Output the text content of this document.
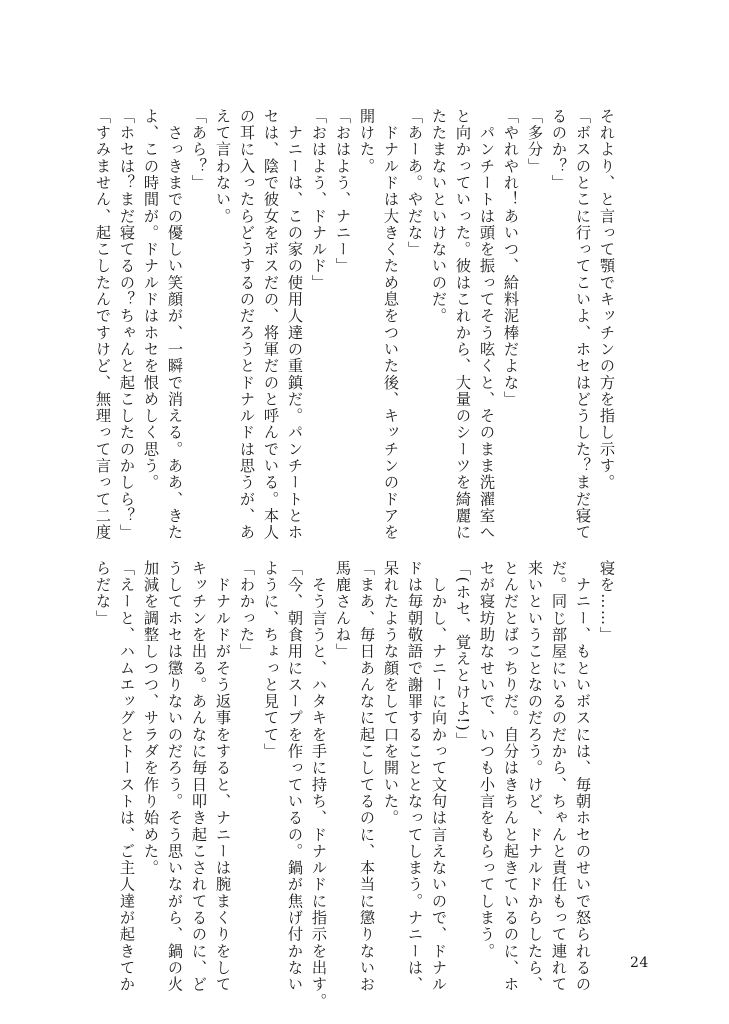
それより、と言って顎でキッチンの方を指し示す。
「ボスのとこに行ってこいよ、ホセはどうした？まだ寝て
るのか？」
「多分」
「やれやれ！あいつ、給料泥棒だよな」
　パンチートは頭を振ってそう呟くと、そのまま洗濯室へ
と向かっていった。彼はこれから、大量のシーツを綺麗に
たたまないといけないのだ。
「あーあ。やだな」
　ドナルドは大きくため息をついた後、キッチンのドアを
開けた。
「おはよう、ナニー」
「おはよう、ドナルド」
　ナニーは、この家の使用人達の重鎮だ。パンチートとホ
セは、陰で彼女をボスだの、将軍だのと呼んでいる。本人
の耳に入ったらどうするのだろうとドナルドは思うが、あ
えて言わない。
「あら？」
　さっきまでの優しい笑顔が、一瞬で消える。ああ、きた
よ、この時間が。ドナルドはホセを恨めしく思う。
「ホセは？まだ寝てるの？ちゃんと起こしたのかしら？」
「すみません、起こしたんですけど、無理って言って二度
寝を……」
　ナニー、もといボスには、毎朝ホセのせいで怒られるの
だ。同じ部屋にいるのだから、ちゃんと責任もって連れて
来いということなのだろう。けど、ドナルドからしたら、
とんだとばっちりだ。自分はきちんと起きているのに、ホ
セが寝坊助なせいで、いつも小言をもらってしまう。
「(ホセ、覚えとけよ!)」
　しかし、ナニーに向かって文句は言えないので、ドナル
ドは毎朝敬語で謝罪することとなってしまう。ナニーは、
呆れたような顔をして口を開いた。
「まあ、毎日あんなに起こしてるのに、本当に懲りないお
馬鹿さんね」
　そう言うと、ハタキを手に持ち、ドナルドに指示を出す。
「今、朝食用にスープを作っているの。鍋が焦げ付かない
ように、ちょっと見てて」
「わかった」
　ドナルドがそう返事をすると、ナニーは腕まくりをして
キッチンを出る。あんなに毎日叩き起こされてるのに、ど
うしてホセは懲りないのだろう。そう思いながら、鍋の火
加減を調整しつつ、サラダを作り始めた。
「えーと、ハムエッグとトーストは、ご主人達が起きてか
らだな」
24
